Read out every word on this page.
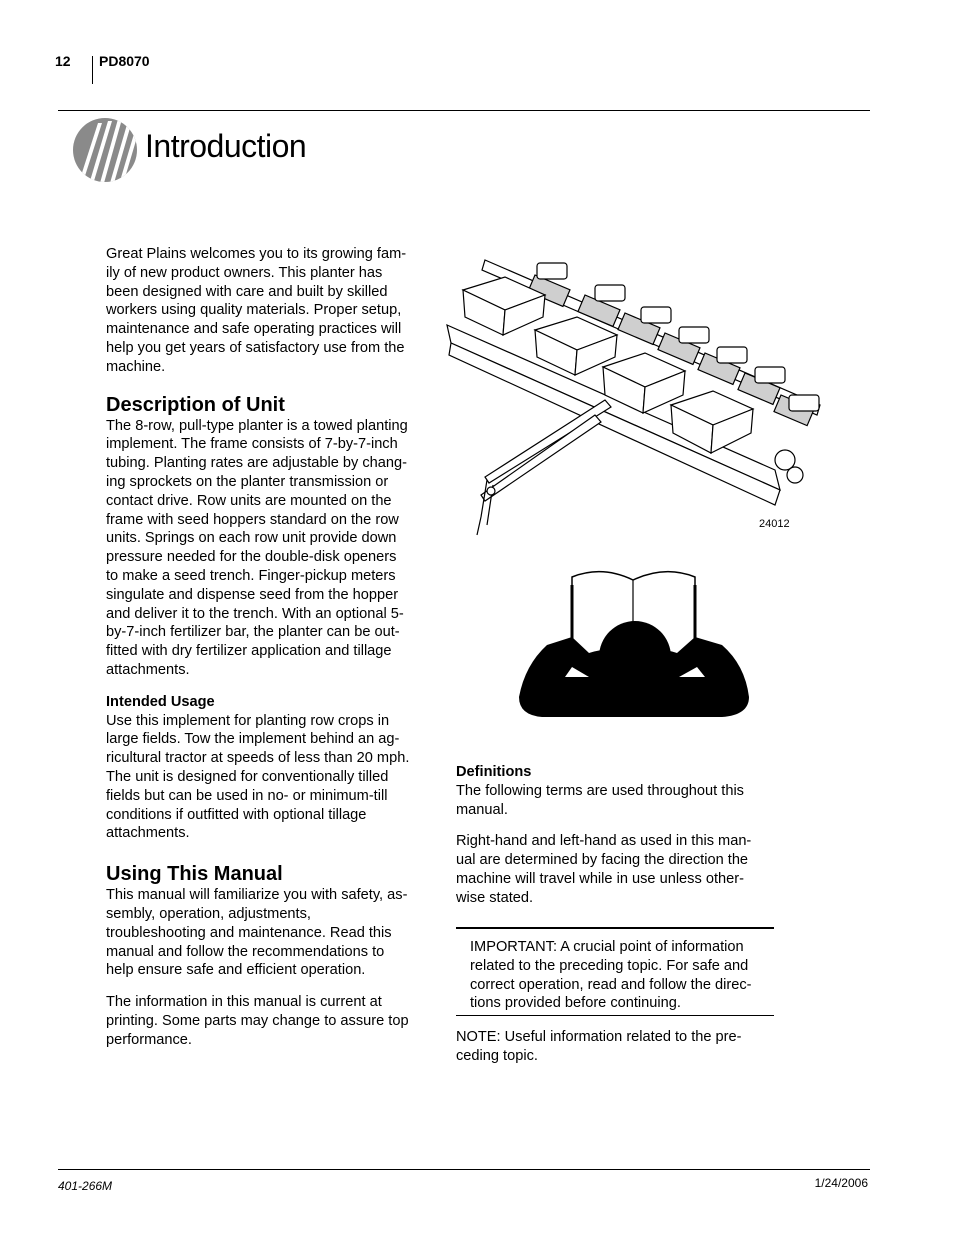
12 PD8070
Introduction

Great Plains welcomes you to its growing fam-
ily of new product owners. This planter has
been designed with care and built by skilled
workers using quality materials. Proper setup,
maintenance and safe operating practices will
help you get years of satisfactory use from the
machine.

Description of Unit

The 8-row, pull-type planter is a towed planting
implement. The frame consists of 7-by-7-inch
tubing. Planting rates are adjustable by chang-
ing sprockets on the planter transmission or
contact drive. Row units are mounted on the
frame with seed hoppers standard on the row
units. Springs on each row unit provide down
pressure needed for the double-disk openers
to make a seed trench. Finger-pickup meters
singulate and dispense seed from the hopper
and deliver it to the trench. With an optional 5-
by-7-inch fertilizer bar, the planter can be out-
fitted with dry fertilizer application and tillage
attachments.

Intended Usage

Use this implement for planting row crops in
large fields. Tow the implement behind an ag-
ricultural tractor at speeds of less than 20 mph.
The unit is designed for conventionally tilled
fields but can be used in no- or minimum-till
conditions if outfitted with optional tillage
attachments.

Using This Manual

This manual will familiarize you with safety, as-
sembly, operation, adjustments,
troubleshooting and maintenance. Read this
manual and follow the recommendations to
help ensure safe and efficient operation.

The information in this manual is current at
printing. Some parts may change to assure top
performance.

24012
Definitions

The following terms are used throughout this
manual.

Right-hand and left-hand as used in this man-
ual are determined by facing the direction the
machine will travel while in use unless other-
wise stated.

IMPORTANT: A crucial point of information
related to the preceding topic. For safe and
correct operation, read and follow the direc-
tions provided before continuing.

NOTE: Useful information related to the pre-
ceding topic.

401-266M	1/24/2006
